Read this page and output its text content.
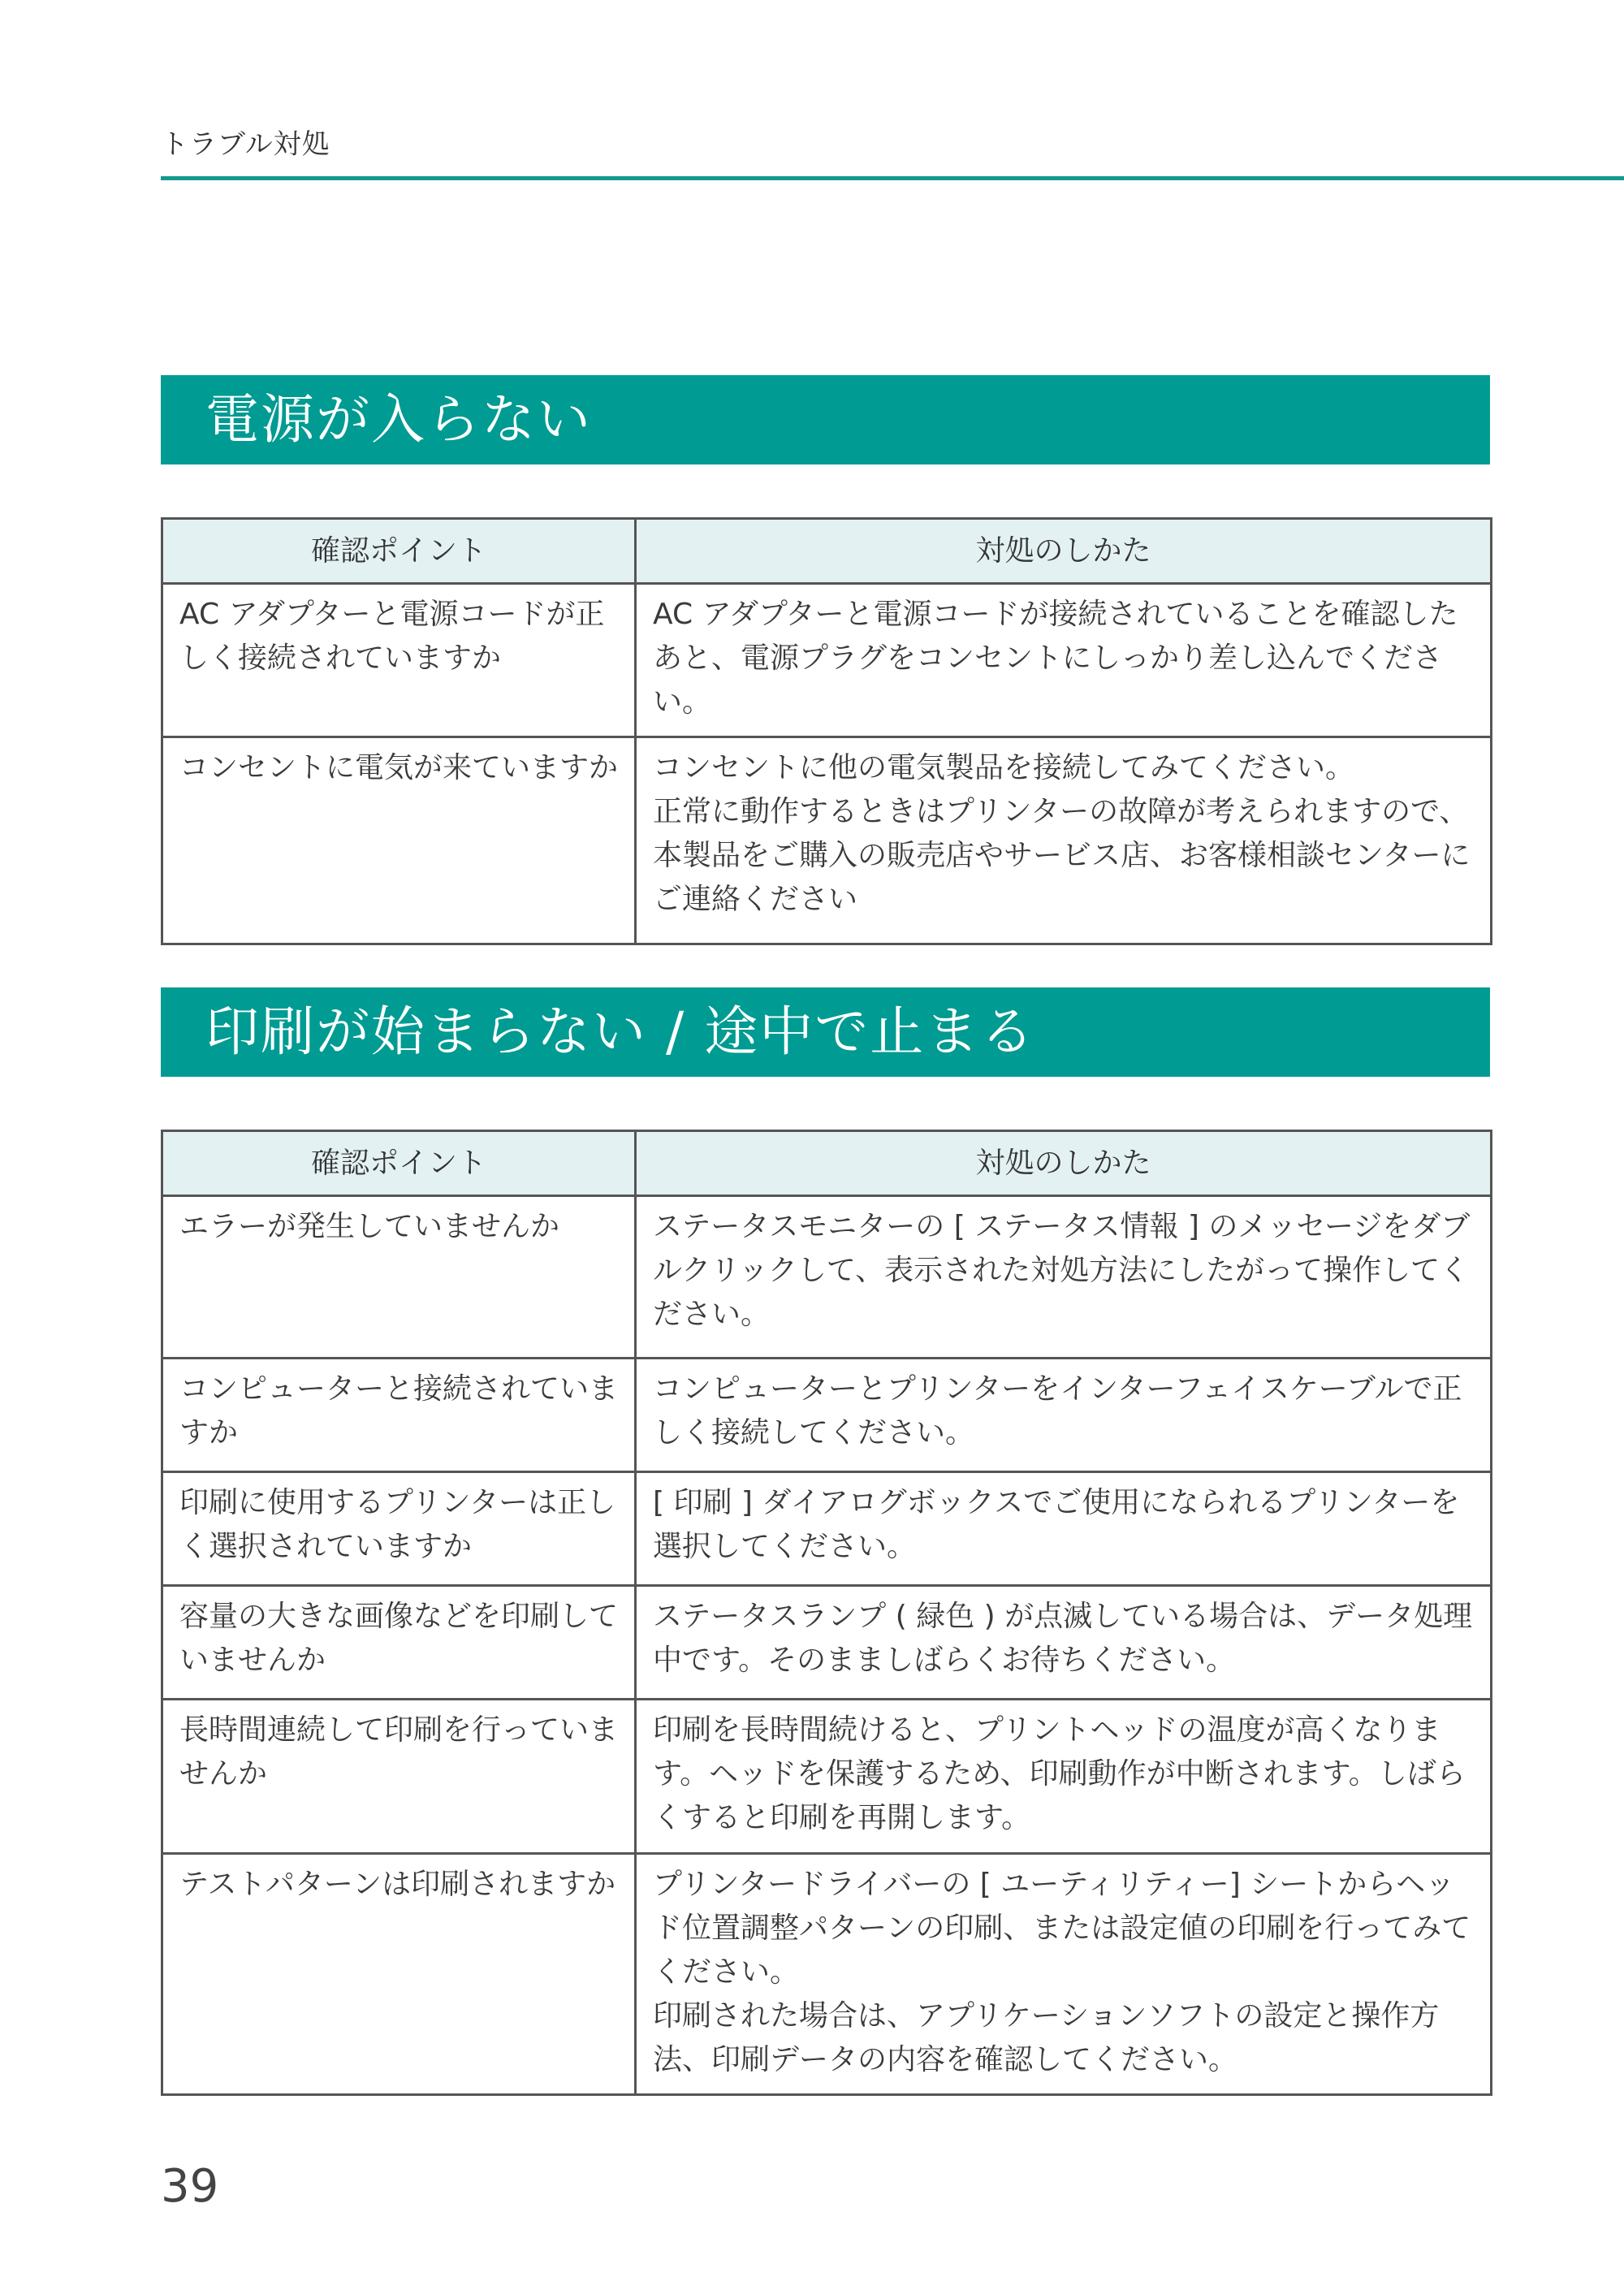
トラブル対処
電源が入らない
確認ポイント	対処のしかた
AC アダプターと電源コードが正しく接続されていますか	AC アダプターと電源コードが接続されていることを確認したあと、電源プラグをコンセントにしっかり差し込んでください。
コンセントに電気が来ていますか	コンセントに他の電気製品を接続してみてください。
正常に動作するときはプリンターの故障が考えられますので、本製品をご購入の販売店やサービス店、お客様相談センターにご連絡ください
印刷が始まらない / 途中で止まる
確認ポイント	対処のしかた
エラーが発生していませんか	ステータスモニターの [ ステータス情報 ] のメッセージをダブルクリックして、表示された対処方法にしたがって操作してください。
コンピューターと接続されていますか	コンピューターとプリンターをインターフェイスケーブルで正しく接続してください。
印刷に使用するプリンターは正しく選択されていますか	[ 印刷 ] ダイアログボックスでご使用になられるプリンターを選択してください。
容量の大きな画像などを印刷していませんか	ステータスランプ ( 緑色 ) が点滅している場合は、データ処理中です。そのまましばらくお待ちください。
長時間連続して印刷を行っていませんか	印刷を長時間続けると、プリントヘッドの温度が高くなります。ヘッドを保護するため、印刷動作が中断されます。しばらくすると印刷を再開します。
テストパターンは印刷されますか	プリンタードライバーの [ ユーティリティー] シートからヘッド位置調整パターンの印刷、または設定値の印刷を行ってみてください。
印刷された場合は、アプリケーションソフトの設定と操作方法、印刷データの内容を確認してください。
39
